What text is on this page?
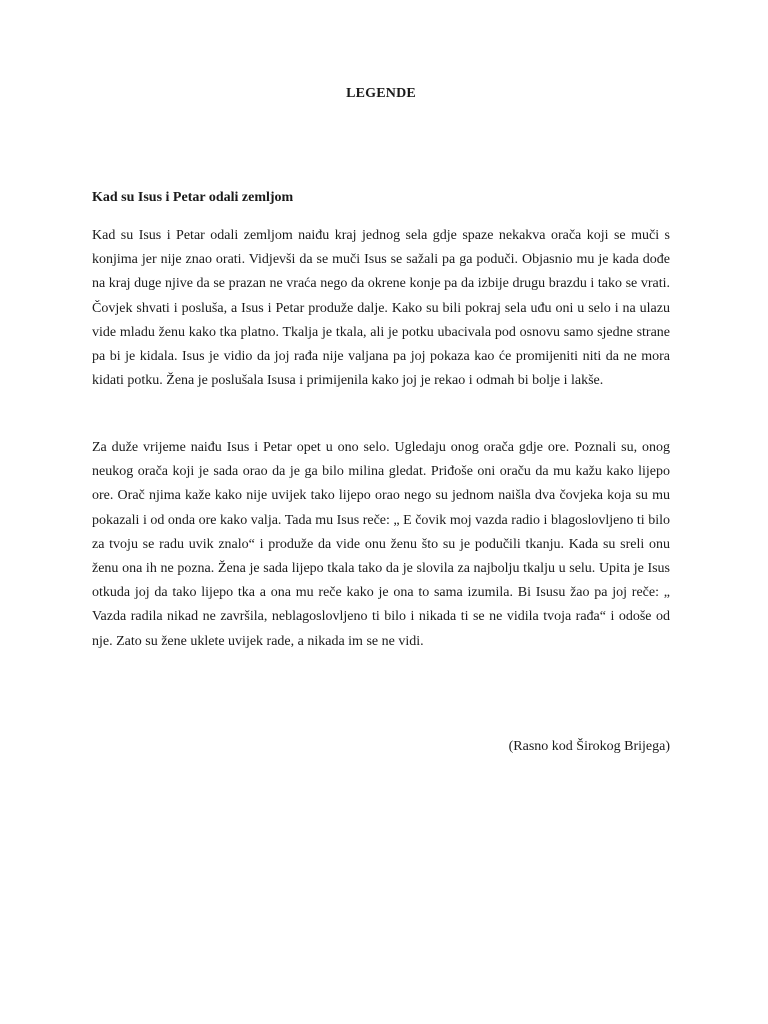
LEGENDE
Kad su Isus i Petar odali zemljom

Kad su Isus i Petar odali zemljom naiđu kraj jednog sela gdje spaze nekakva orača koji se muči s konjima jer nije znao orati. Vidjevši da se muči Isus se sažali pa ga poduči. Objasnio mu je kada dođe na kraj duge njive da se prazan ne vraća nego da okrene konje pa da izbije drugu brazdu i tako se vrati. Čovjek shvati i posluša, a Isus i Petar produže dalje. Kako su bili pokraj sela uđu oni u selo i na ulazu vide mladu ženu kako tka platno. Tkalja je tkala, ali je potku ubacivala pod osnovu samo sjedne strane pa bi je kidala. Isus je vidio da joj rađa nije valjana pa joj pokaza kao će promijeniti niti da ne mora kidati potku. Žena je poslušala Isusa i primijenila kako joj je rekao i odmah bi bolje i lakše.

Za duže vrijeme naiđu Isus i Petar opet u ono selo. Ugledaju onog orača gdje ore. Poznali su, onog neukog orača koji je sada orao da je ga bilo milina gledat. Priđoše oni oraču da mu kažu kako lijepo ore. Orač njima kaže kako nije uvijek tako lijepo orao nego su jednom naišla dva čovjeka koja su mu pokazali i od onda ore kako valja. Tada mu Isus reče: „ E čovik moj vazda radio i blagoslovljeno ti bilo za tvoju se radu uvik znalo“ i produže da vide onu ženu što su je podučili tkanju. Kada su sreli onu ženu ona ih ne pozna. Žena je sada lijepo tkala tako da je slovila za najbolju tkalju u selu. Upita je Isus otkuda joj da tako lijepo tka a ona mu reče kako je ona to sama izumila. Bi Isusu žao pa joj reče: „ Vazda radila nikad ne završila, neblagoslovljeno ti bilo i nikada ti se ne vidila tvoja rađa“ i odoše od nje. Zato su žene uklete uvijek rade, a nikada im se ne vidi.

(Rasno kod Širokog Brijega)
